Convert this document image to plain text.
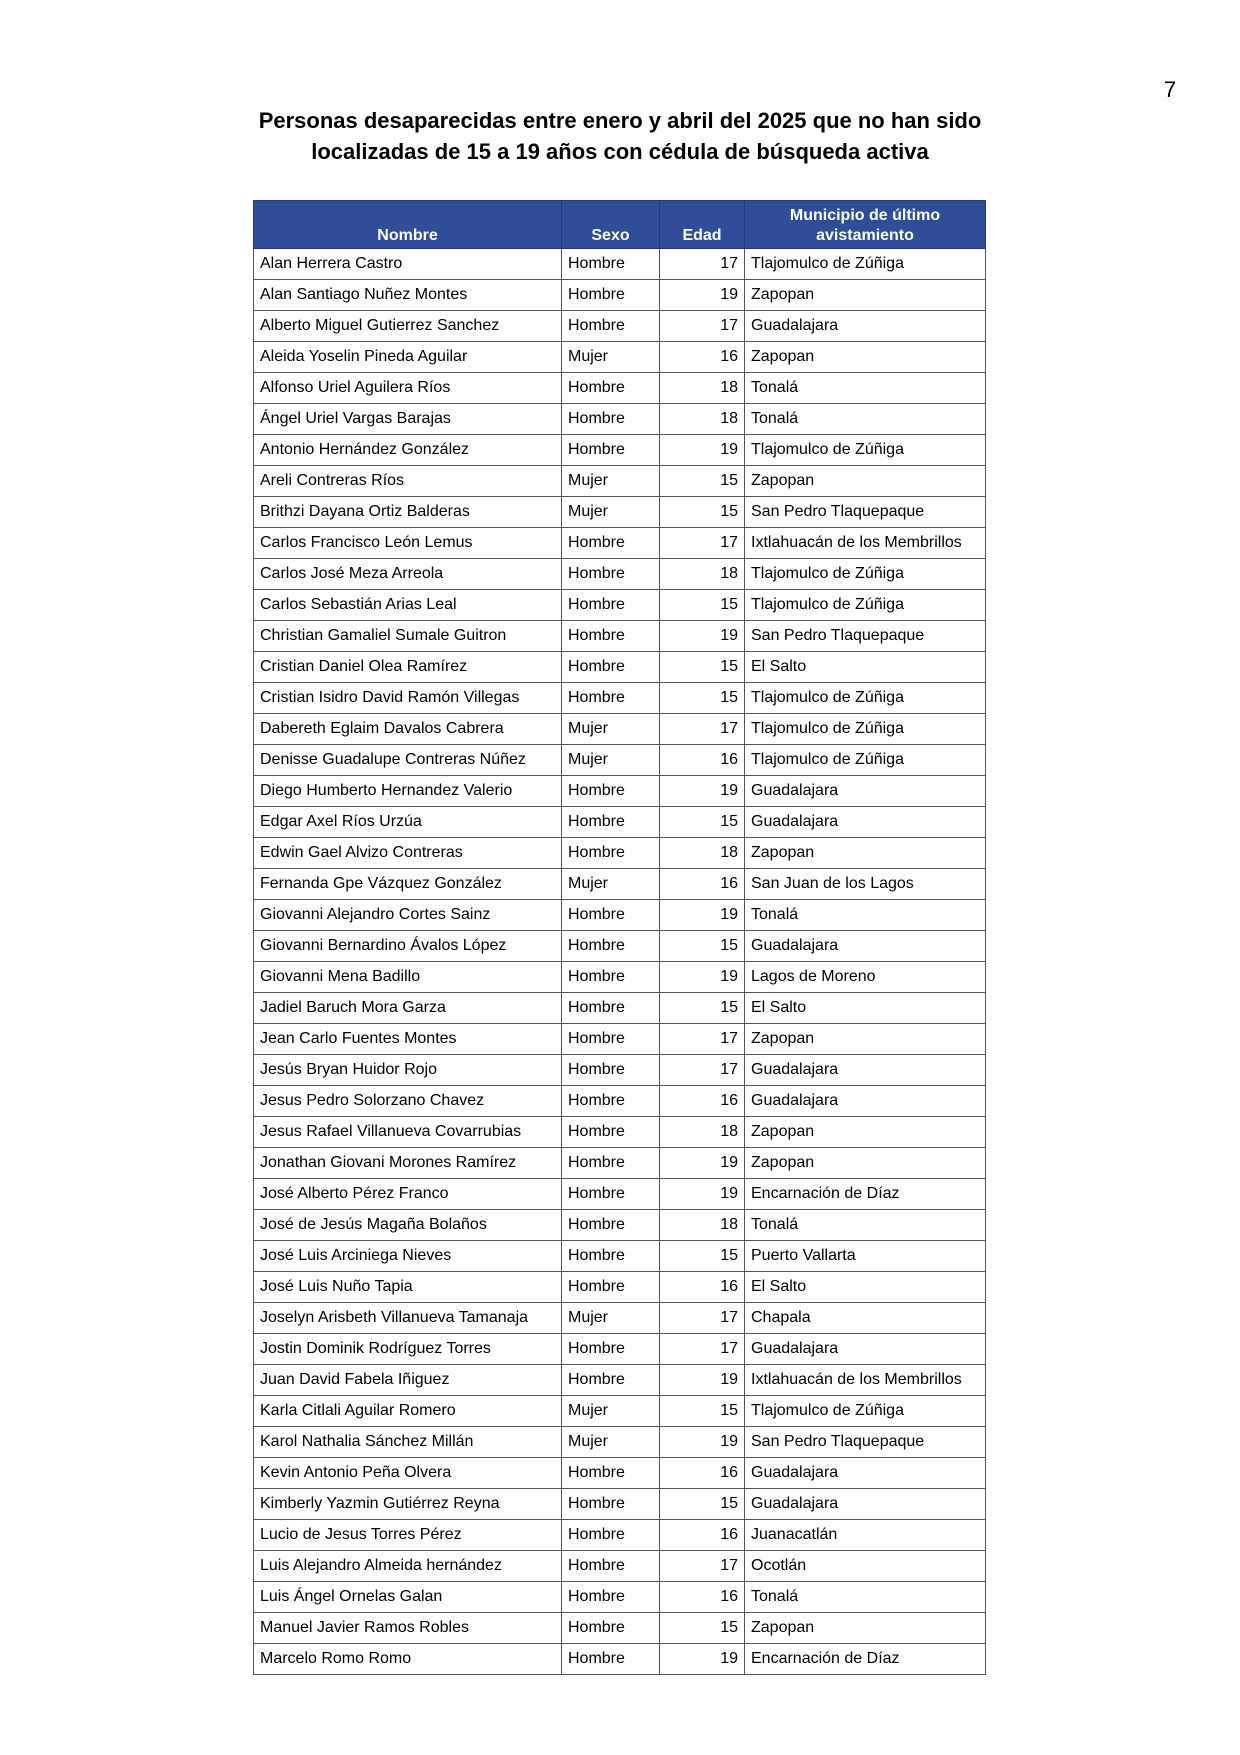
7
Personas desaparecidas entre enero y abril del 2025 que no han sido
localizadas de 15 a 19 años con cédula de búsqueda activa
Nombre	Sexo	Edad	Municipio de último avistamiento
Alan Herrera Castro	Hombre	17	Tlajomulco de Zúñiga
Alan Santiago Nuñez Montes	Hombre	19	Zapopan
Alberto Miguel Gutierrez Sanchez	Hombre	17	Guadalajara
Aleida Yoselin Pineda Aguilar	Mujer	16	Zapopan
Alfonso Uriel Aguilera Ríos	Hombre	18	Tonalá
Ángel Uriel Vargas Barajas	Hombre	18	Tonalá
Antonio Hernández González	Hombre	19	Tlajomulco de Zúñiga
Areli Contreras Ríos	Mujer	15	Zapopan
Brithzi Dayana Ortiz Balderas	Mujer	15	San Pedro Tlaquepaque
Carlos Francisco León Lemus	Hombre	17	Ixtlahuacán de los Membrillos
Carlos José Meza Arreola	Hombre	18	Tlajomulco de Zúñiga
Carlos Sebastián Arias Leal	Hombre	15	Tlajomulco de Zúñiga
Christian Gamaliel Sumale Guitron	Hombre	19	San Pedro Tlaquepaque
Cristian Daniel Olea Ramírez	Hombre	15	El Salto
Cristian Isidro David Ramón Villegas	Hombre	15	Tlajomulco de Zúñiga
Dabereth Eglaim Davalos Cabrera	Mujer	17	Tlajomulco de Zúñiga
Denisse Guadalupe Contreras Núñez	Mujer	16	Tlajomulco de Zúñiga
Diego Humberto Hernandez Valerio	Hombre	19	Guadalajara
Edgar Axel Ríos Urzúa	Hombre	15	Guadalajara
Edwin Gael Alvizo Contreras	Hombre	18	Zapopan
Fernanda Gpe Vázquez González	Mujer	16	San Juan de los Lagos
Giovanni Alejandro Cortes Sainz	Hombre	19	Tonalá
Giovanni Bernardino Ávalos López	Hombre	15	Guadalajara
Giovanni Mena Badillo	Hombre	19	Lagos de Moreno
Jadiel Baruch Mora Garza	Hombre	15	El Salto
Jean Carlo Fuentes Montes	Hombre	17	Zapopan
Jesús Bryan Huidor Rojo	Hombre	17	Guadalajara
Jesus Pedro Solorzano Chavez	Hombre	16	Guadalajara
Jesus Rafael Villanueva Covarrubias	Hombre	18	Zapopan
Jonathan Giovani Morones Ramírez	Hombre	19	Zapopan
José Alberto Pérez Franco	Hombre	19	Encarnación de Díaz
José de Jesús Magaña Bolaños	Hombre	18	Tonalá
José Luis Arciniega Nieves	Hombre	15	Puerto Vallarta
José Luis Nuño Tapia	Hombre	16	El Salto
Joselyn Arisbeth Villanueva Tamanaja	Mujer	17	Chapala
Jostin Dominik Rodríguez Torres	Hombre	17	Guadalajara
Juan David Fabela Iñiguez	Hombre	19	Ixtlahuacán de los Membrillos
Karla Citlali Aguilar Romero	Mujer	15	Tlajomulco de Zúñiga
Karol Nathalia Sánchez Millán	Mujer	19	San Pedro Tlaquepaque
Kevin Antonio Peña Olvera	Hombre	16	Guadalajara
Kimberly Yazmin Gutiérrez Reyna	Hombre	15	Guadalajara
Lucio de Jesus Torres Pérez	Hombre	16	Juanacatlán
Luis Alejandro Almeida hernández	Hombre	17	Ocotlán
Luis Ángel Ornelas Galan	Hombre	16	Tonalá
Manuel Javier Ramos Robles	Hombre	15	Zapopan
Marcelo Romo Romo	Hombre	19	Encarnación de Díaz
